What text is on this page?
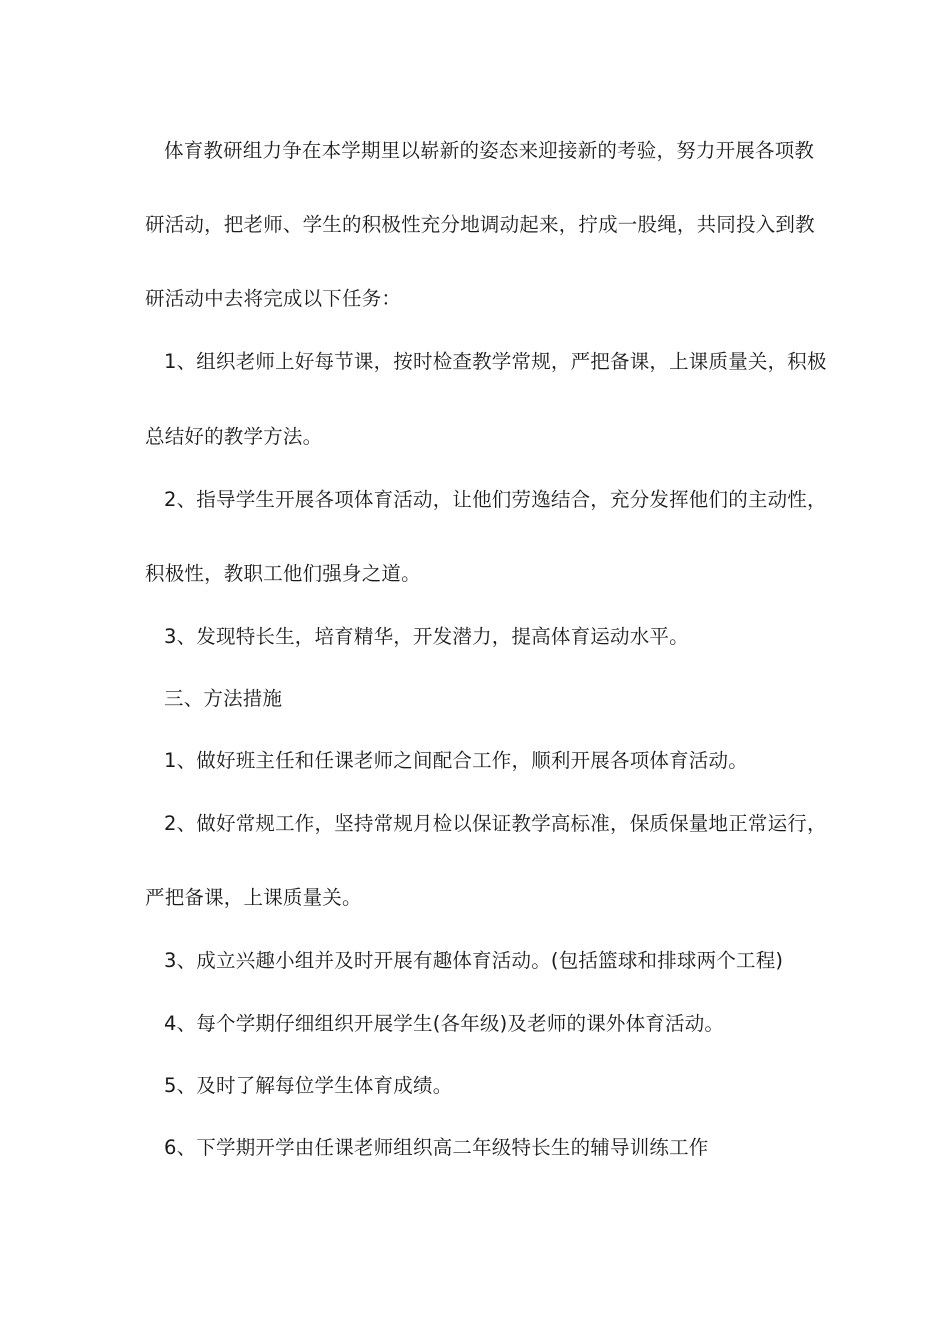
体育教研组力争在本学期里以崭新的姿态来迎接新的考验，努力开展各项教
研活动，把老师、学生的积极性充分地调动起来，拧成一股绳，共同投入到教
研活动中去将完成以下任务：
1、组织老师上好每节课，按时检查教学常规，严把备课，上课质量关，积极
总结好的教学方法。
2、指导学生开展各项体育活动，让他们劳逸结合，充分发挥他们的主动性，
积极性，教职工他们强身之道。
3、发现特长生，培育精华，开发潜力，提高体育运动水平。
三、方法措施
1、做好班主任和任课老师之间配合工作，顺利开展各项体育活动。
2、做好常规工作，坚持常规月检以保证教学高标准，保质保量地正常运行，
严把备课，上课质量关。
3、成立兴趣小组并及时开展有趣体育活动。(包括篮球和排球两个工程)
4、每个学期仔细组织开展学生(各年级)及老师的课外体育活动。
5、及时了解每位学生体育成绩。
6、下学期开学由任课老师组织高二年级特长生的辅导训练工作
